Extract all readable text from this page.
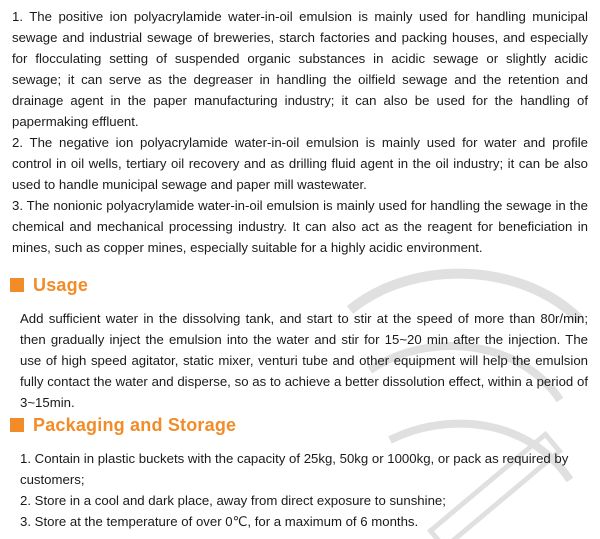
1. The positive ion polyacrylamide water-in-oil emulsion is mainly used for handling municipal sewage and industrial sewage of breweries, starch factories and packing houses, and especially for flocculating setting of suspended organic substances in acidic sewage or slightly acidic sewage; it can serve as the degreaser in handling the oilfield sewage and the retention and drainage agent in the paper manufacturing industry; it can also be used for the handling of papermaking effluent.
2. The negative ion polyacrylamide water-in-oil emulsion is mainly used for water and profile control in oil wells, tertiary oil recovery and as drilling fluid agent in the oil industry; it can be also used to handle municipal sewage and paper mill wastewater.
3. The nonionic polyacrylamide water-in-oil emulsion is mainly used for handling the sewage in the chemical and mechanical processing industry. It can also act as the reagent for beneficiation in mines, such as copper mines, especially suitable for a highly acidic environment.
Usage

Add sufficient water in the dissolving tank, and start to stir at the speed of more than 80r/min; then gradually inject the emulsion into the water and stir for 15~20 min after the injection. The use of high speed agitator, static mixer, venturi tube and other equipment will help the emulsion fully contact the water and disperse, so as to achieve a better dissolution effect, within a period of 3~15min.

Packaging and Storage
1. Contain in plastic buckets with the capacity of 25kg, 50kg or 1000kg, or pack as required by customers;
2. Store in a cool and dark place, away from direct exposure to sunshine;
3. Store at the temperature of over 0℃, for a maximum of 6 months.
